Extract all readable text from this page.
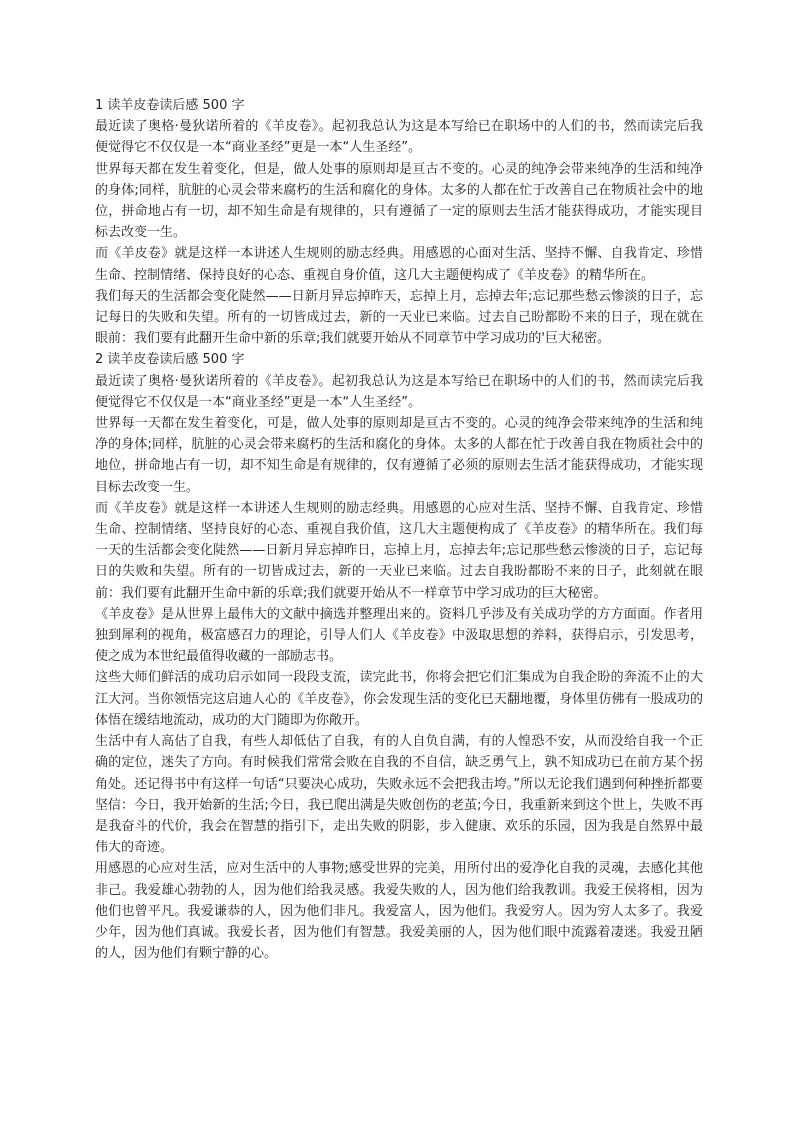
1 读羊皮卷读后感 500 字

最近读了奥格·曼狄诺所着的《羊皮卷》。起初我总认为这是本写给已在职场中的人们的书，然而读完后我便觉得它不仅仅是一本“商业圣经”更是一本“人生圣经”。

世界每天都在发生着变化，但是，做人处事的原则却是亘古不变的。心灵的纯净会带来纯净的生活和纯净的身体;同样，肮脏的心灵会带来腐朽的生活和腐化的身体。太多的人都在忙于改善自己在物质社会中的地位，拼命地占有一切，却不知生命是有规律的，只有遵循了一定的原则去生活才能获得成功，才能实现目标去改变一生。

而《羊皮卷》就是这样一本讲述人生规则的励志经典。用感恩的心面对生活、坚持不懈、自我肯定、珍惜生命、控制情绪、保持良好的心态、重视自身价值，这几大主题便构成了《羊皮卷》的精华所在。

我们每天的生活都会变化陡然——日新月异忘掉昨天，忘掉上月，忘掉去年;忘记那些愁云惨淡的日子，忘记每日的失败和失望。所有的一切皆成过去，新的一天业已来临。过去自己盼都盼不来的日子，现在就在眼前：我们要有此翻开生命中新的乐章;我们就要开始从不同章节中学习成功的'巨大秘密。

2 读羊皮卷读后感 500 字

最近读了奥格·曼狄诺所着的《羊皮卷》。起初我总认为这是本写给已在职场中的人们的书，然而读完后我便觉得它不仅仅是一本“商业圣经”更是一本“人生圣经”。

世界每一天都在发生着变化，可是，做人处事的原则却是亘古不变的。心灵的纯净会带来纯净的生活和纯净的身体;同样，肮脏的心灵会带来腐朽的生活和腐化的身体。太多的人都在忙于改善自我在物质社会中的地位，拼命地占有一切，却不知生命是有规律的，仅有遵循了必须的原则去生活才能获得成功，才能实现目标去改变一生。

而《羊皮卷》就是这样一本讲述人生规则的励志经典。用感恩的心应对生活、坚持不懈、自我肯定、珍惜生命、控制情绪、坚持良好的心态、重视自我价值，这几大主题便构成了《羊皮卷》的精华所在。我们每一天的生活都会变化陡然——日新月异忘掉昨日，忘掉上月，忘掉去年;忘记那些愁云惨淡的日子，忘记每日的失败和失望。所有的一切皆成过去，新的一天业已来临。过去自我盼都盼不来的日子，此刻就在眼前：我们要有此翻开生命中新的乐章;我们就要开始从不一样章节中学习成功的巨大秘密。

《羊皮卷》是从世界上最伟大的文献中摘选并整理出来的。资料几乎涉及有关成功学的方方面面。作者用独到犀利的视角，极富感召力的理论，引导人们人《羊皮卷》中汲取思想的养料，获得启示，引发思考，使之成为本世纪最值得收藏的一部励志书。

这些大师们鲜活的成功启示如同一段段支流，读完此书，你将会把它们汇集成为自我企盼的奔流不止的大江大河。当你领悟完这启迪人心的《羊皮卷》，你会发现生活的变化已天翻地覆，身体里仿佛有一股成功的体悟在缓结地流动，成功的大门随即为你敞开。

生活中有人高估了自我，有些人却低估了自我，有的人自负自满，有的人惶恐不安，从而没给自我一个正确的定位，迷失了方向。有时候我们常常会败在自我的不自信，缺乏勇气上，孰不知成功已在前方某个拐角处。还记得书中有这样一句话“只要决心成功，失败永远不会把我击垮。”所以无论我们遇到何种挫折都要坚信：今日，我开始新的生活;今日，我已爬出满是失败创伤的老茧;今日，我重新来到这个世上，失败不再是我奋斗的代价，我会在智慧的指引下，走出失败的阴影，步入健康、欢乐的乐园，因为我是自然界中最伟大的奇迹。

用感恩的心应对生活，应对生活中的人事物;感受世界的完美，用所付出的爱净化自我的灵魂，去感化其他非己。我爱雄心勃勃的人，因为他们给我灵感。我爱失败的人，因为他们给我教训。我爱王侯将相，因为他们也曾平凡。我爱谦恭的人，因为他们非凡。我爱富人，因为他们。我爱穷人。因为穷人太多了。我爱少年，因为他们真诚。我爱长者，因为他们有智慧。我爱美丽的人，因为他们眼中流露着凄迷。我爱丑陋的人，因为他们有颗宁静的心。
